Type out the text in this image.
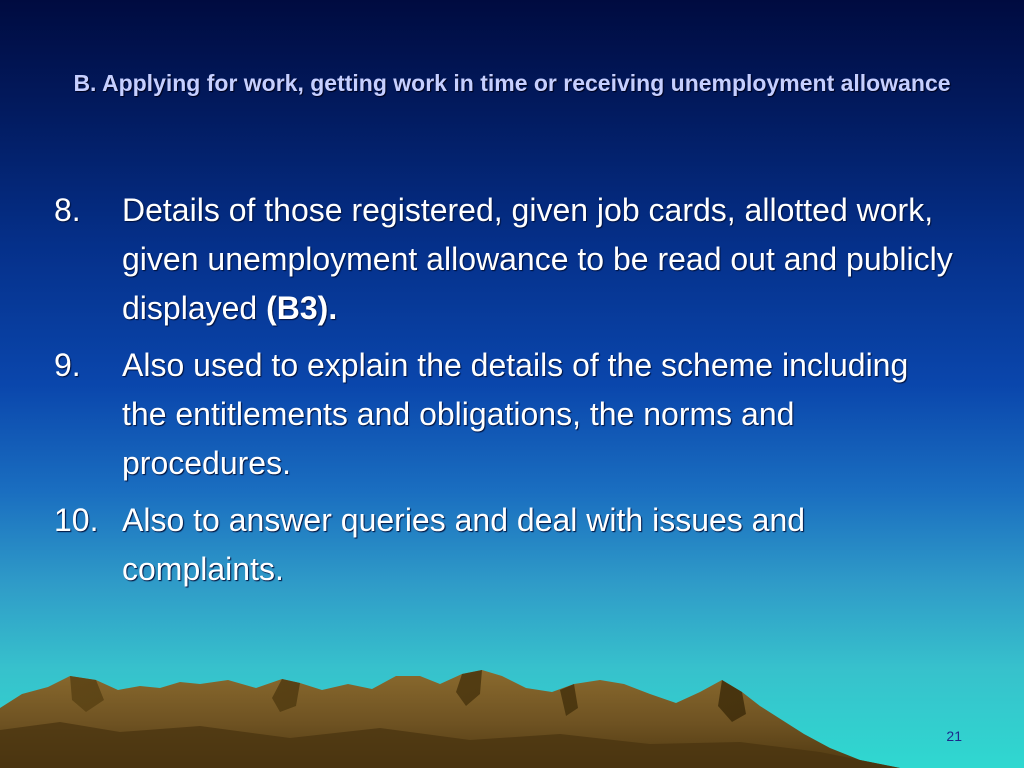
B. Applying for work, getting work in time or receiving unemployment allowance
8.	Details of those registered, given job cards, allotted work, given unemployment allowance to be read out and publicly displayed (B3).
9.	Also used to explain the details of the scheme including the entitlements and obligations, the norms and procedures.
10. Also to answer queries and deal with issues and complaints.
21
